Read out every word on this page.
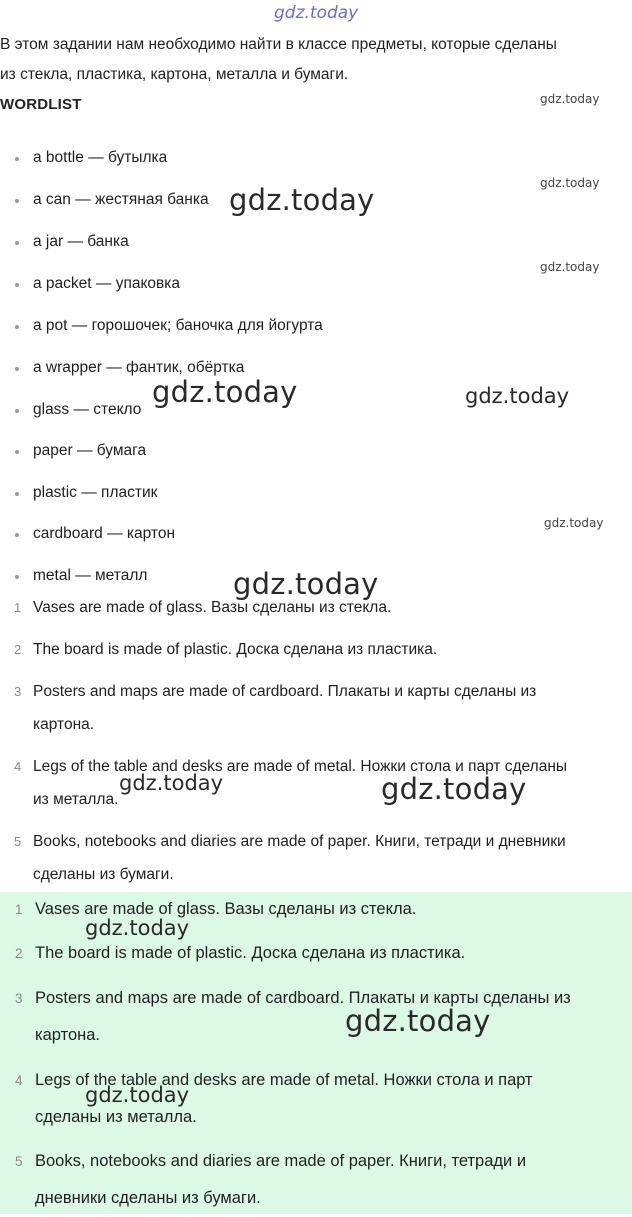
В этом задании нам необходимо найти в классе предметы, которые сделаны
из стекла, пластика, картона, металла и бумаги.
WORDLIST
a bottle — бутылка
a can — жестяная банка
a jar — банка
a packet — упаковка
a pot — горошочек; баночка для йогурта
a wrapper — фантик, обёртка
glass — стекло
paper — бумага
plastic — пластик
cardboard — картон
metal — металл
1 Vases are made of glass. Вазы сделаны из стекла.
2 The board is made of plastic. Доска сделана из пластика.
3 Posters and maps are made of cardboard. Плакаты и карты сделаны из
картона.
4 Legs of the table and desks are made of metal. Ножки стола и парт сделаны
из металла.
5 Books, notebooks and diaries are made of paper. Книги, тетради и дневники
сделаны из бумаги.
1 Vases are made of glass. Вазы сделаны из стекла.
2 The board is made of plastic. Доска сделана из пластика.
3 Posters and maps are made of cardboard. Плакаты и карты сделаны из
картона.
4 Legs of the table and desks are made of metal. Ножки стола и парт
сделаны из металла.
5 Books, notebooks and diaries are made of paper. Книги, тетради и
дневники сделаны из бумаги.
gdz.today
gdz.today
gdz.today
gdz.today
gdz.today
gdz.today	gdz.today
gdz.today
gdz.today
gdz.today	gdz.today
gdz.today
gdz.today
gdz.today
